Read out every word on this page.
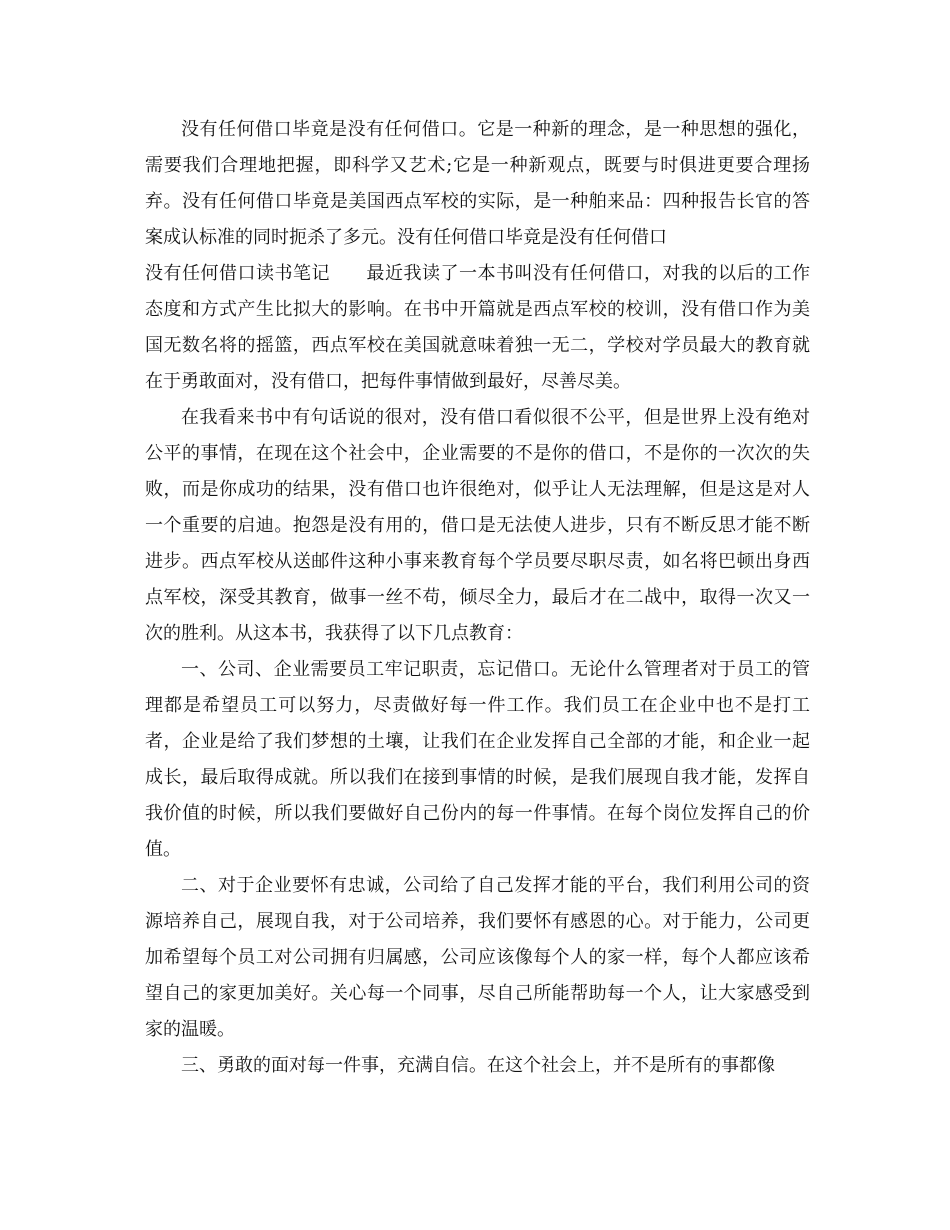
没有任何借口毕竟是没有任何借口。它是一种新的理念，是一种思想的强化，需要我们合理地把握，即科学又艺术;它是一种新观点，既要与时俱进更要合理扬弃。没有任何借口毕竟是美国西点军校的实际，是一种舶来品：四种报告长官的答案成认标准的同时扼杀了多元。没有任何借口毕竟是没有任何借口

没有任何借口读书笔记 最近我读了一本书叫没有任何借口，对我的以后的工作态度和方式产生比拟大的影响。在书中开篇就是西点军校的校训，没有借口作为美国无数名将的摇篮，西点军校在美国就意味着独一无二，学校对学员最大的教育就在于勇敢面对，没有借口，把每件事情做到最好，尽善尽美。

在我看来书中有句话说的很对，没有借口看似很不公平，但是世界上没有绝对公平的事情，在现在这个社会中，企业需要的不是你的借口，不是你的一次次的失败，而是你成功的结果，没有借口也许很绝对，似乎让人无法理解，但是这是对人一个重要的启迪。抱怨是没有用的，借口是无法使人进步，只有不断反思才能不断进步。西点军校从送邮件这种小事来教育每个学员要尽职尽责，如名将巴顿出身西点军校，深受其教育，做事一丝不苟，倾尽全力，最后才在二战中，取得一次又一次的胜利。从这本书，我获得了以下几点教育：

一、公司、企业需要员工牢记职责，忘记借口。无论什么管理者对于员工的管理都是希望员工可以努力，尽责做好每一件工作。我们员工在企业中也不是打工者，企业是给了我们梦想的土壤，让我们在企业发挥自己全部的才能，和企业一起成长，最后取得成就。所以我们在接到事情的时候，是我们展现自我才能，发挥自我价值的时候，所以我们要做好自己份内的每一件事情。在每个岗位发挥自己的价值。

二、对于企业要怀有忠诚，公司给了自己发挥才能的平台，我们利用公司的资源培养自己，展现自我，对于公司培养，我们要怀有感恩的心。对于能力，公司更加希望每个员工对公司拥有归属感，公司应该像每个人的家一样，每个人都应该希望自己的家更加美好。关心每一个同事，尽自己所能帮助每一个人，让大家感受到家的温暖。

三、勇敢的面对每一件事，充满自信。在这个社会上，并不是所有的事都像
